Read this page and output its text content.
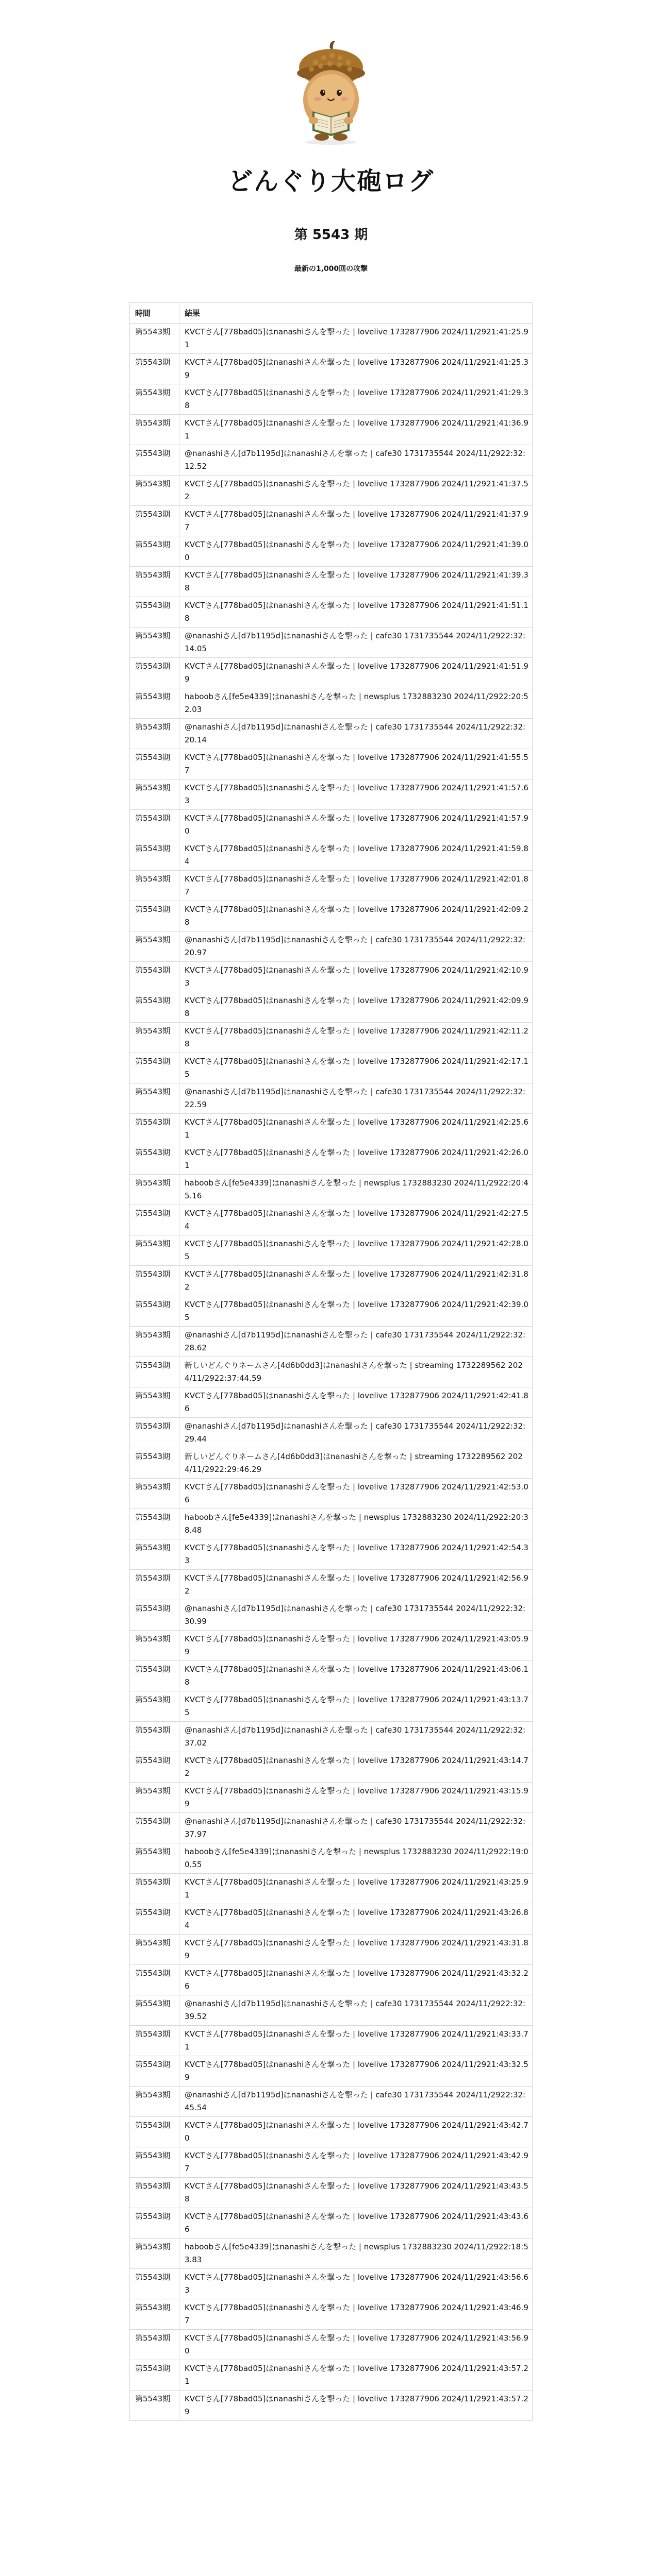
どんぐり大砲ログ
第 5543 期
最新の1,000回の攻撃
時間	結果
第5543期	KVCTさん[778bad05]はnanashiさんを撃った | lovelive 1732877906 2024/11/2921:41:25.91
第5543期	KVCTさん[778bad05]はnanashiさんを撃った | lovelive 1732877906 2024/11/2921:41:25.39
第5543期	KVCTさん[778bad05]はnanashiさんを撃った | lovelive 1732877906 2024/11/2921:41:29.38
第5543期	KVCTさん[778bad05]はnanashiさんを撃った | lovelive 1732877906 2024/11/2921:41:36.91
第5543期	@nanashiさん[d7b1195d]はnanashiさんを撃った | cafe30 1731735544 2024/11/2922:32:12.52
第5543期	KVCTさん[778bad05]はnanashiさんを撃った | lovelive 1732877906 2024/11/2921:41:37.52
第5543期	KVCTさん[778bad05]はnanashiさんを撃った | lovelive 1732877906 2024/11/2921:41:37.97
第5543期	KVCTさん[778bad05]はnanashiさんを撃った | lovelive 1732877906 2024/11/2921:41:39.00
第5543期	KVCTさん[778bad05]はnanashiさんを撃った | lovelive 1732877906 2024/11/2921:41:39.38
第5543期	KVCTさん[778bad05]はnanashiさんを撃った | lovelive 1732877906 2024/11/2921:41:51.18
第5543期	@nanashiさん[d7b1195d]はnanashiさんを撃った | cafe30 1731735544 2024/11/2922:32:14.05
第5543期	KVCTさん[778bad05]はnanashiさんを撃った | lovelive 1732877906 2024/11/2921:41:51.99
第5543期	haboobさん[fe5e4339]はnanashiさんを撃った | newsplus 1732883230 2024/11/2922:20:52.03
第5543期	@nanashiさん[d7b1195d]はnanashiさんを撃った | cafe30 1731735544 2024/11/2922:32:20.14
第5543期	KVCTさん[778bad05]はnanashiさんを撃った | lovelive 1732877906 2024/11/2921:41:55.57
第5543期	KVCTさん[778bad05]はnanashiさんを撃った | lovelive 1732877906 2024/11/2921:41:57.63
第5543期	KVCTさん[778bad05]はnanashiさんを撃った | lovelive 1732877906 2024/11/2921:41:57.90
第5543期	KVCTさん[778bad05]はnanashiさんを撃った | lovelive 1732877906 2024/11/2921:41:59.84
第5543期	KVCTさん[778bad05]はnanashiさんを撃った | lovelive 1732877906 2024/11/2921:42:01.87
第5543期	KVCTさん[778bad05]はnanashiさんを撃った | lovelive 1732877906 2024/11/2921:42:09.28
第5543期	@nanashiさん[d7b1195d]はnanashiさんを撃った | cafe30 1731735544 2024/11/2922:32:20.97
第5543期	KVCTさん[778bad05]はnanashiさんを撃った | lovelive 1732877906 2024/11/2921:42:10.93
第5543期	KVCTさん[778bad05]はnanashiさんを撃った | lovelive 1732877906 2024/11/2921:42:09.98
第5543期	KVCTさん[778bad05]はnanashiさんを撃った | lovelive 1732877906 2024/11/2921:42:11.28
第5543期	KVCTさん[778bad05]はnanashiさんを撃った | lovelive 1732877906 2024/11/2921:42:17.15
第5543期	@nanashiさん[d7b1195d]はnanashiさんを撃った | cafe30 1731735544 2024/11/2922:32:22.59
第5543期	KVCTさん[778bad05]はnanashiさんを撃った | lovelive 1732877906 2024/11/2921:42:25.61
第5543期	KVCTさん[778bad05]はnanashiさんを撃った | lovelive 1732877906 2024/11/2921:42:26.01
第5543期	haboobさん[fe5e4339]はnanashiさんを撃った | newsplus 1732883230 2024/11/2922:20:45.16
第5543期	KVCTさん[778bad05]はnanashiさんを撃った | lovelive 1732877906 2024/11/2921:42:27.54
第5543期	KVCTさん[778bad05]はnanashiさんを撃った | lovelive 1732877906 2024/11/2921:42:28.05
第5543期	KVCTさん[778bad05]はnanashiさんを撃った | lovelive 1732877906 2024/11/2921:42:31.82
第5543期	KVCTさん[778bad05]はnanashiさんを撃った | lovelive 1732877906 2024/11/2921:42:39.05
第5543期	@nanashiさん[d7b1195d]はnanashiさんを撃った | cafe30 1731735544 2024/11/2922:32:28.62
第5543期	新しいどんぐりネームさん[4d6b0dd3]はnanashiさんを撃った | streaming 1732289562 2024/11/2922:37:44.59
第5543期	KVCTさん[778bad05]はnanashiさんを撃った | lovelive 1732877906 2024/11/2921:42:41.86
第5543期	@nanashiさん[d7b1195d]はnanashiさんを撃った | cafe30 1731735544 2024/11/2922:32:29.44
第5543期	新しいどんぐりネームさん[4d6b0dd3]はnanashiさんを撃った | streaming 1732289562 2024/11/2922:29:46.29
第5543期	KVCTさん[778bad05]はnanashiさんを撃った | lovelive 1732877906 2024/11/2921:42:53.06
第5543期	haboobさん[fe5e4339]はnanashiさんを撃った | newsplus 1732883230 2024/11/2922:20:38.48
第5543期	KVCTさん[778bad05]はnanashiさんを撃った | lovelive 1732877906 2024/11/2921:42:54.33
第5543期	KVCTさん[778bad05]はnanashiさんを撃った | lovelive 1732877906 2024/11/2921:42:56.92
第5543期	@nanashiさん[d7b1195d]はnanashiさんを撃った | cafe30 1731735544 2024/11/2922:32:30.99
第5543期	KVCTさん[778bad05]はnanashiさんを撃った | lovelive 1732877906 2024/11/2921:43:05.99
第5543期	KVCTさん[778bad05]はnanashiさんを撃った | lovelive 1732877906 2024/11/2921:43:06.18
第5543期	KVCTさん[778bad05]はnanashiさんを撃った | lovelive 1732877906 2024/11/2921:43:13.75
第5543期	@nanashiさん[d7b1195d]はnanashiさんを撃った | cafe30 1731735544 2024/11/2922:32:37.02
第5543期	KVCTさん[778bad05]はnanashiさんを撃った | lovelive 1732877906 2024/11/2921:43:14.72
第5543期	KVCTさん[778bad05]はnanashiさんを撃った | lovelive 1732877906 2024/11/2921:43:15.99
第5543期	@nanashiさん[d7b1195d]はnanashiさんを撃った | cafe30 1731735544 2024/11/2922:32:37.97
第5543期	haboobさん[fe5e4339]はnanashiさんを撃った | newsplus 1732883230 2024/11/2922:19:00.55
第5543期	KVCTさん[778bad05]はnanashiさんを撃った | lovelive 1732877906 2024/11/2921:43:25.91
第5543期	KVCTさん[778bad05]はnanashiさんを撃った | lovelive 1732877906 2024/11/2921:43:26.84
第5543期	KVCTさん[778bad05]はnanashiさんを撃った | lovelive 1732877906 2024/11/2921:43:31.89
第5543期	KVCTさん[778bad05]はnanashiさんを撃った | lovelive 1732877906 2024/11/2921:43:32.26
第5543期	@nanashiさん[d7b1195d]はnanashiさんを撃った | cafe30 1731735544 2024/11/2922:32:39.52
第5543期	KVCTさん[778bad05]はnanashiさんを撃った | lovelive 1732877906 2024/11/2921:43:33.71
第5543期	KVCTさん[778bad05]はnanashiさんを撃った | lovelive 1732877906 2024/11/2921:43:32.59
第5543期	@nanashiさん[d7b1195d]はnanashiさんを撃った | cafe30 1731735544 2024/11/2922:32:45.54
第5543期	KVCTさん[778bad05]はnanashiさんを撃った | lovelive 1732877906 2024/11/2921:43:42.70
第5543期	KVCTさん[778bad05]はnanashiさんを撃った | lovelive 1732877906 2024/11/2921:43:42.97
第5543期	KVCTさん[778bad05]はnanashiさんを撃った | lovelive 1732877906 2024/11/2921:43:43.58
第5543期	KVCTさん[778bad05]はnanashiさんを撃った | lovelive 1732877906 2024/11/2921:43:43.66
第5543期	haboobさん[fe5e4339]はnanashiさんを撃った | newsplus 1732883230 2024/11/2922:18:53.83
第5543期	KVCTさん[778bad05]はnanashiさんを撃った | lovelive 1732877906 2024/11/2921:43:56.63
第5543期	KVCTさん[778bad05]はnanashiさんを撃った | lovelive 1732877906 2024/11/2921:43:46.97
第5543期	KVCTさん[778bad05]はnanashiさんを撃った | lovelive 1732877906 2024/11/2921:43:56.90
第5543期	KVCTさん[778bad05]はnanashiさんを撃った | lovelive 1732877906 2024/11/2921:43:57.21
第5543期	KVCTさん[778bad05]はnanashiさんを撃った | lovelive 1732877906 2024/11/2921:43:57.29
